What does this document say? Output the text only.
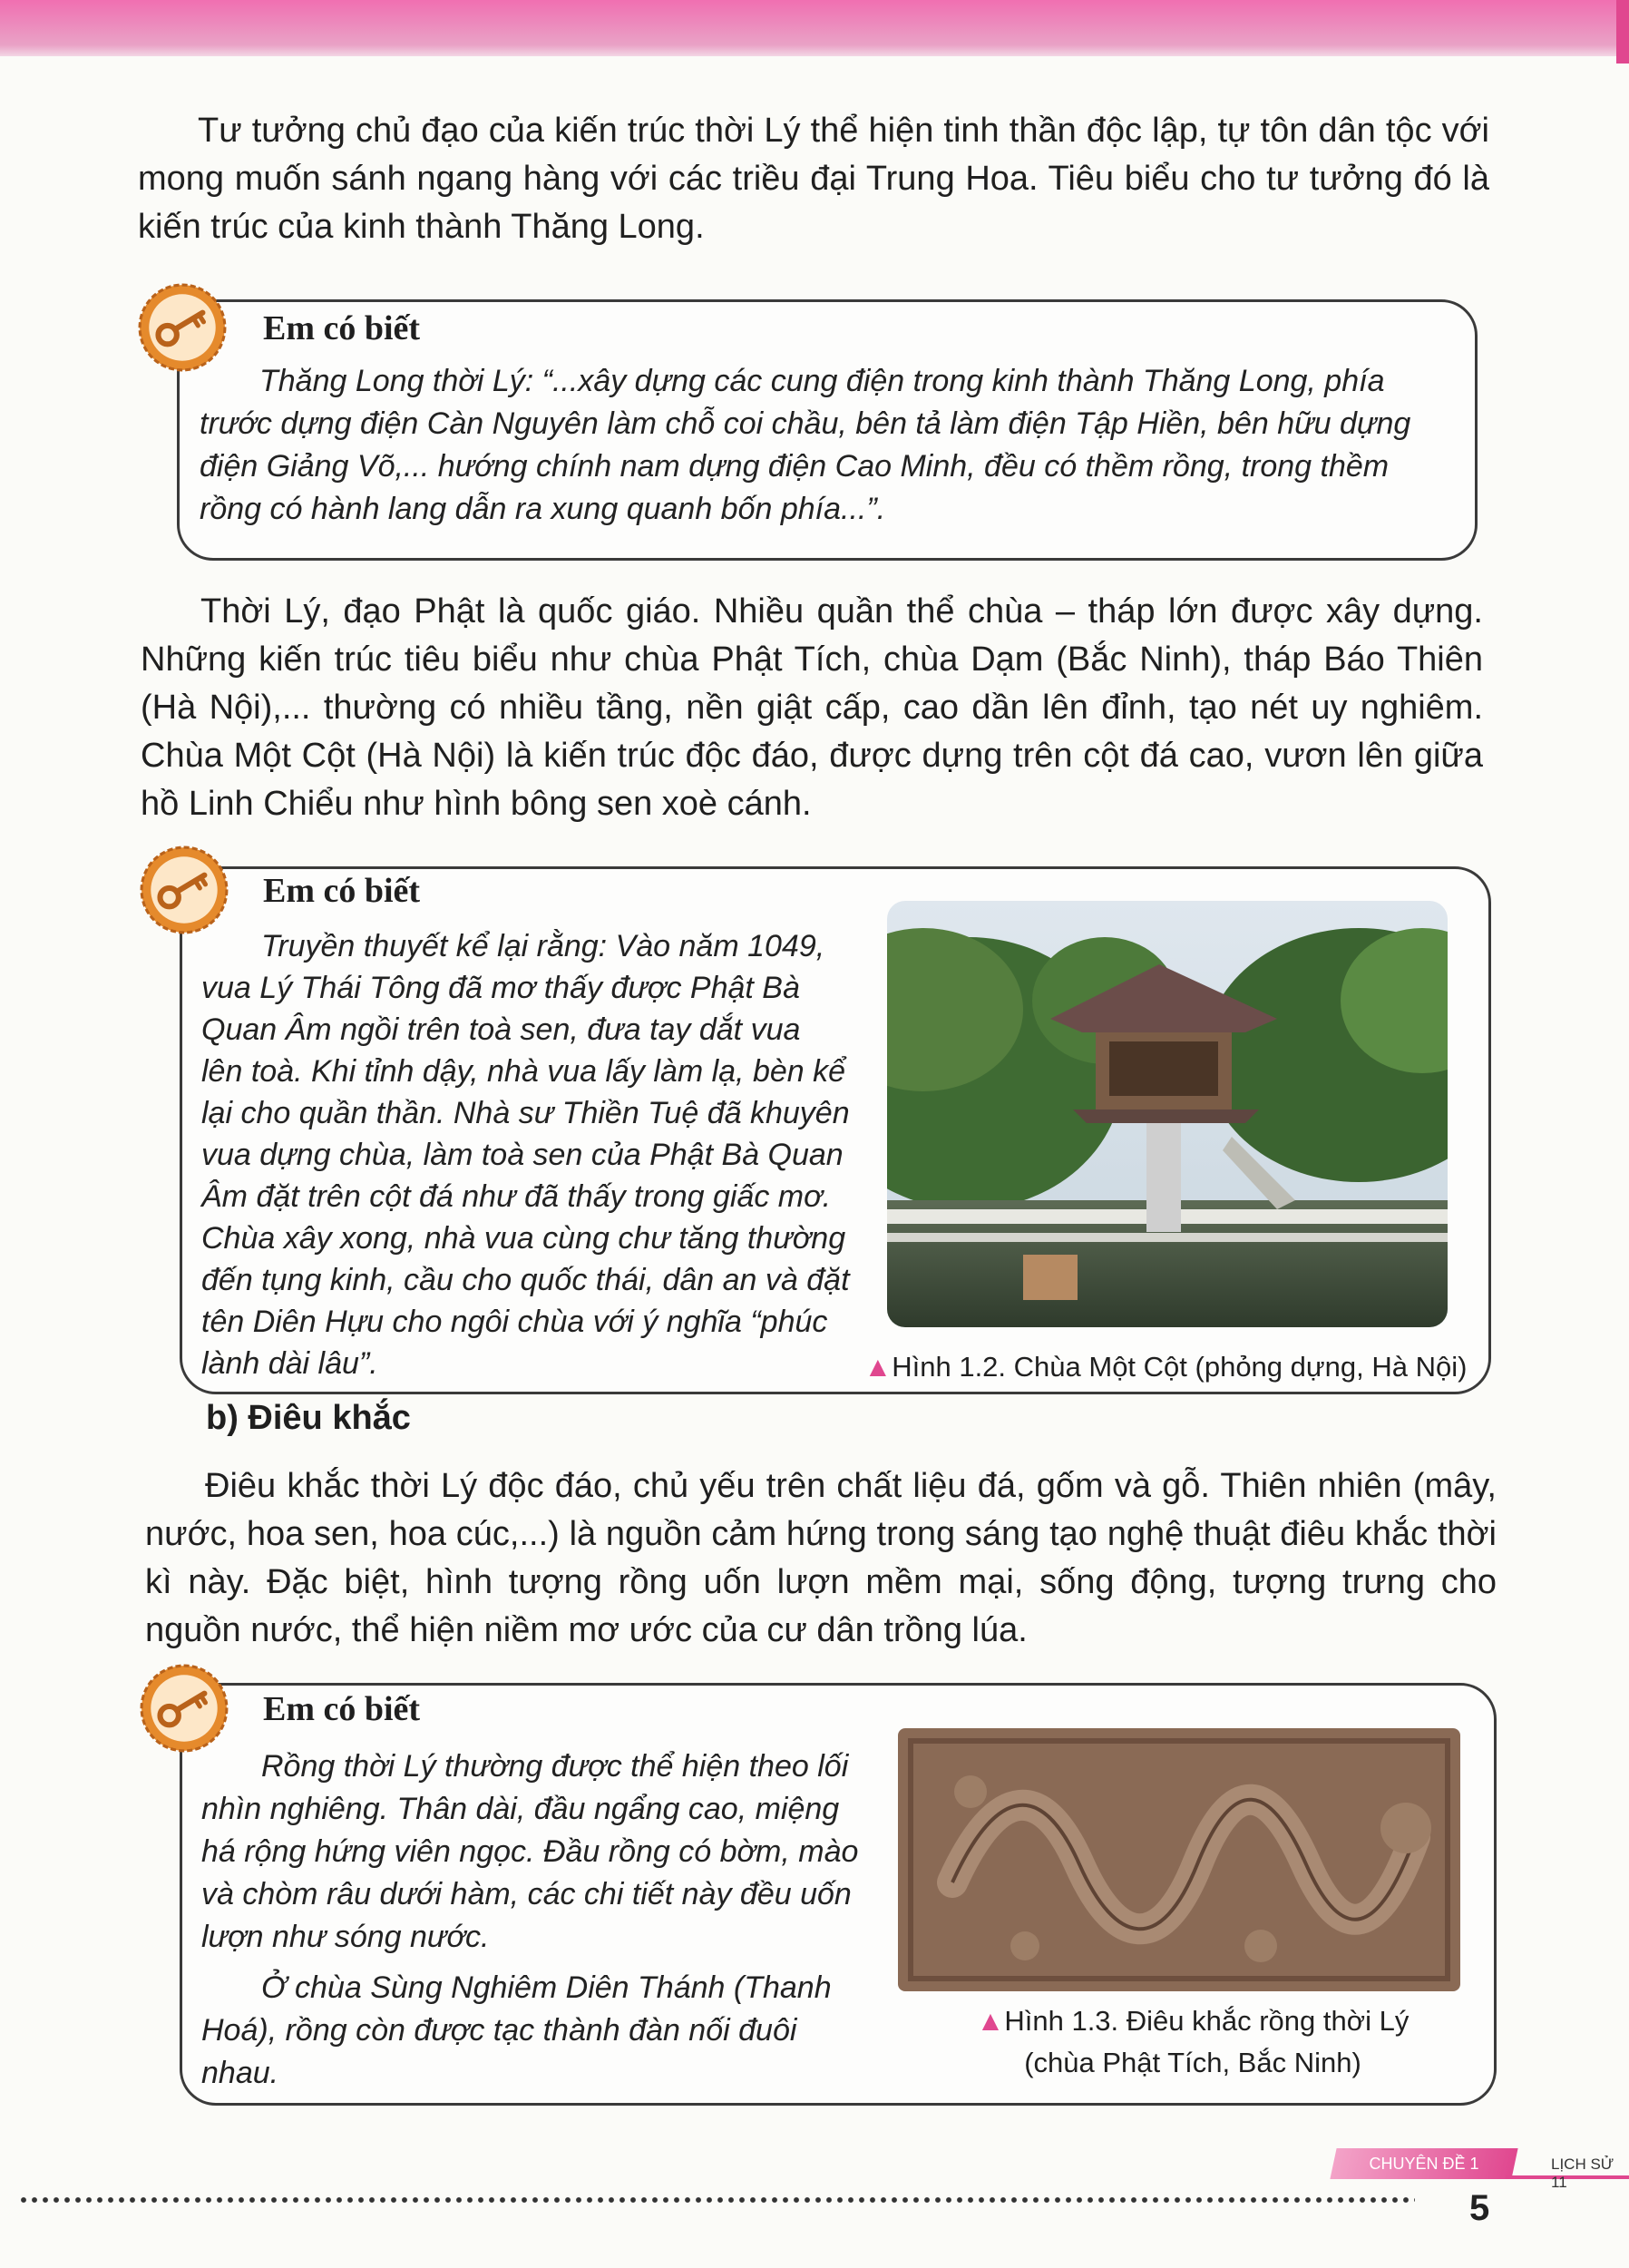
Tư tưởng chủ đạo của kiến trúc thời Lý thể hiện tinh thần độc lập, tự tôn dân tộc với mong muốn sánh ngang hàng với các triều đại Trung Hoa. Tiêu biểu cho tư tưởng đó là kiến trúc của kinh thành Thăng Long.

Em có biết

Thăng Long thời Lý: “...xây dựng các cung điện trong kinh thành Thăng Long, phía trước dựng điện Càn Nguyên làm chỗ coi chầu, bên tả làm điện Tập Hiền, bên hữu dựng điện Giảng Võ,... hướng chính nam dựng điện Cao Minh, đều có thềm rồng, trong thềm rồng có hành lang dẫn ra xung quanh bốn phía...”.

Thời Lý, đạo Phật là quốc giáo. Nhiều quần thể chùa – tháp lớn được xây dựng. Những kiến trúc tiêu biểu như chùa Phật Tích, chùa Dạm (Bắc Ninh), tháp Báo Thiên (Hà Nội),... thường có nhiều tầng, nền giật cấp, cao dần lên đỉnh, tạo nét uy nghiêm. Chùa Một Cột (Hà Nội) là kiến trúc độc đáo, được dựng trên cột đá cao, vươn lên giữa hồ Linh Chiểu như hình bông sen xoè cánh.

Em có biết

Truyền thuyết kể lại rằng: Vào năm 1049, vua Lý Thái Tông đã mơ thấy được Phật Bà Quan Âm ngồi trên toà sen, đưa tay dắt vua lên toà. Khi tỉnh dậy, nhà vua lấy làm lạ, bèn kể lại cho quần thần. Nhà sư Thiền Tuệ đã khuyên vua dựng chùa, làm toà sen của Phật Bà Quan Âm đặt trên cột đá như đã thấy trong giấc mơ. Chùa xây xong, nhà vua cùng chư tăng thường đến tụng kinh, cầu cho quốc thái, dân an và đặt tên Diên Hựu cho ngôi chùa với ý nghĩa “phúc lành dài lâu”.	▲Hình 1.2. Chùa Một Cột (phỏng dựng, Hà Nội)

b) Điêu khắc

Điêu khắc thời Lý độc đáo, chủ yếu trên chất liệu đá, gốm và gỗ. Thiên nhiên (mây, nước, hoa sen, hoa cúc,...) là nguồn cảm hứng trong sáng tạo nghệ thuật điêu khắc thời kì này. Đặc biệt, hình tượng rồng uốn lượn mềm mại, sống động, tượng trưng cho nguồn nước, thể hiện niềm mơ ước của cư dân trồng lúa.

Em có biết

Rồng thời Lý thường được thể hiện theo lối nhìn nghiêng. Thân dài, đầu ngẩng cao, miệng há rộng hứng viên ngọc. Đầu rồng có bờm, mào và chòm râu dưới hàm, các chi tiết này đều uốn lượn như sóng nước.

Ở chùa Sùng Nghiêm Diên Thánh (Thanh Hoá), rồng còn được tạc thành đàn nối đuôi nhau.

▲Hình 1.3. Điêu khắc rồng thời Lý
(chùa Phật Tích, Bắc Ninh)

CHUYÊN ĐỀ 1	LỊCH SỬ 11
5
